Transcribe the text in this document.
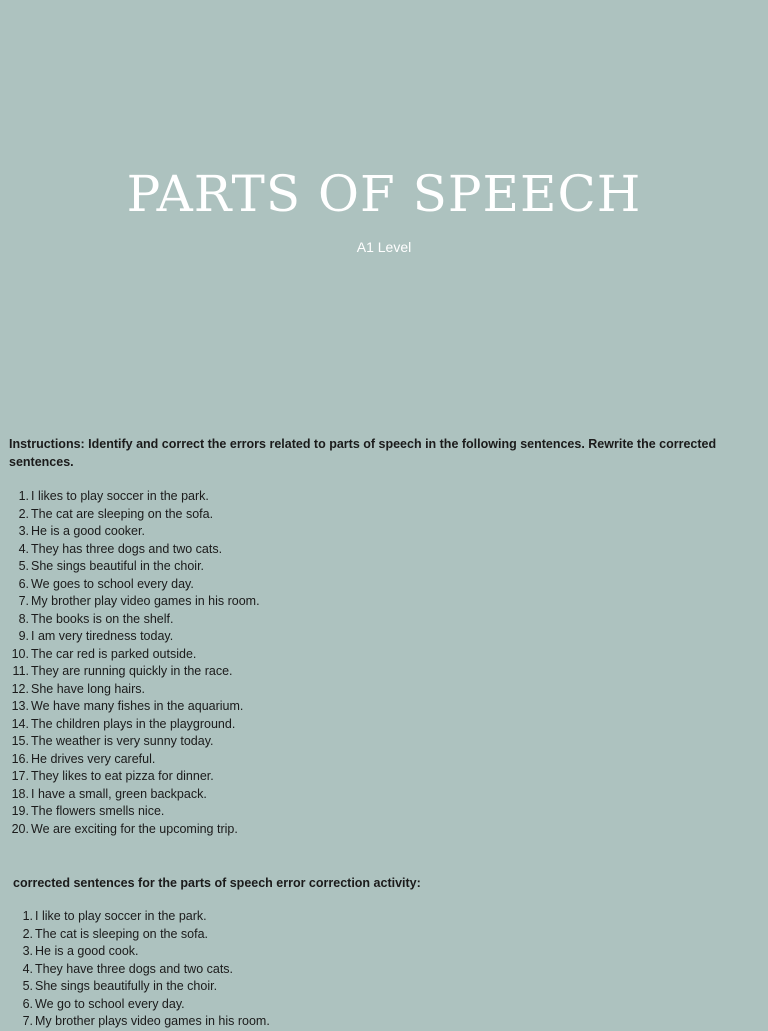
PARTS OF SPEECH
A1 Level

Instructions: Identify and correct the errors related to parts of speech in the following sentences. Rewrite the corrected sentences.

1. I likes to play soccer in the park.
2. The cat are sleeping on the sofa.
3. He is a good cooker.
4. They has three dogs and two cats.
5. She sings beautiful in the choir.
6. We goes to school every day.
7. My brother play video games in his room.
8. The books is on the shelf.
9. I am very tiredness today.
10. The car red is parked outside.
11. They are running quickly in the race.
12. She have long hairs.
13. We have many fishes in the aquarium.
14. The children plays in the playground.
15. The weather is very sunny today.
16. He drives very careful.
17. They likes to eat pizza for dinner.
18. I have a small, green backpack.
19. The flowers smells nice.
20. We are exciting for the upcoming trip.

corrected sentences for the parts of speech error correction activity:

1. I like to play soccer in the park.
2. The cat is sleeping on the sofa.
3. He is a good cook.
4. They have three dogs and two cats.
5. She sings beautifully in the choir.
6. We go to school every day.
7. My brother plays video games in his room.
